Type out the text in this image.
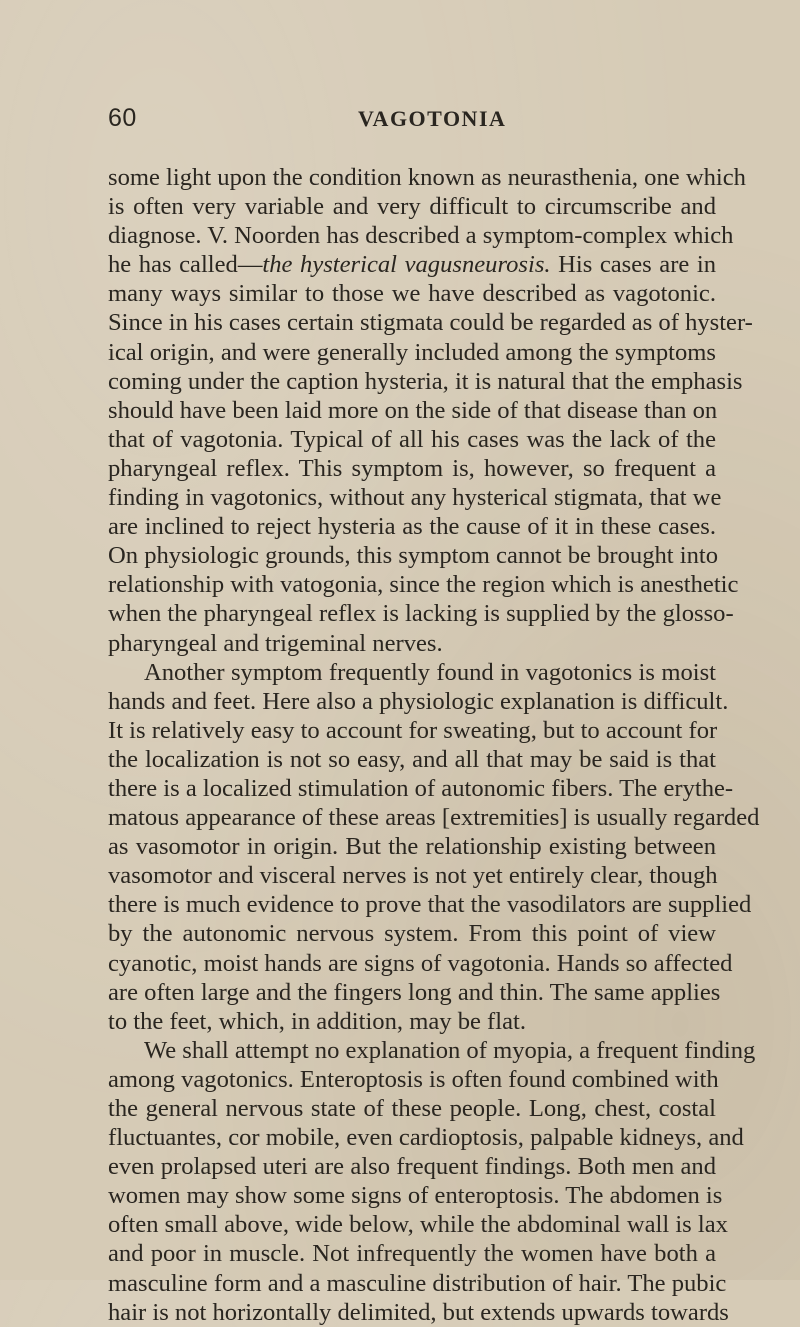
60	VAGOTONIA
some light upon the condition known as neurasthenia, one which
is often very variable and very difficult to circumscribe and
diagnose. V. Noorden has described a symptom-complex which
he has called—the hysterical vagusneurosis. His cases are in
many ways similar to those we have described as vagotonic.
Since in his cases certain stigmata could be regarded as of hyster-
ical origin, and were generally included among the symptoms
coming under the caption hysteria, it is natural that the emphasis
should have been laid more on the side of that disease than on
that of vagotonia. Typical of all his cases was the lack of the
pharyngeal reflex. This symptom is, however, so frequent a
finding in vagotonics, without any hysterical stigmata, that we
are inclined to reject hysteria as the cause of it in these cases.
On physiologic grounds, this symptom cannot be brought into
relationship with vatogonia, since the region which is anesthetic
when the pharyngeal reflex is lacking is supplied by the glosso-
pharyngeal and trigeminal nerves.
Another symptom frequently found in vagotonics is moist
hands and feet. Here also a physiologic explanation is difficult.
It is relatively easy to account for sweating, but to account for
the localization is not so easy, and all that may be said is that
there is a localized stimulation of autonomic fibers. The erythe-
matous appearance of these areas [extremities] is usually regarded
as vasomotor in origin. But the relationship existing between
vasomotor and visceral nerves is not yet entirely clear, though
there is much evidence to prove that the vasodilators are supplied
by the autonomic nervous system. From this point of view
cyanotic, moist hands are signs of vagotonia. Hands so affected
are often large and the fingers long and thin. The same applies
to the feet, which, in addition, may be flat.
We shall attempt no explanation of myopia, a frequent finding
among vagotonics. Enteroptosis is often found combined with
the general nervous state of these people. Long, chest, costal
fluctuantes, cor mobile, even cardioptosis, palpable kidneys, and
even prolapsed uteri are also frequent findings. Both men and
women may show some signs of enteroptosis. The abdomen is
often small above, wide below, while the abdominal wall is lax
and poor in muscle. Not infrequently the women have both a
masculine form and a masculine distribution of hair. The pubic
hair is not horizontally delimited, but extends upwards towards
